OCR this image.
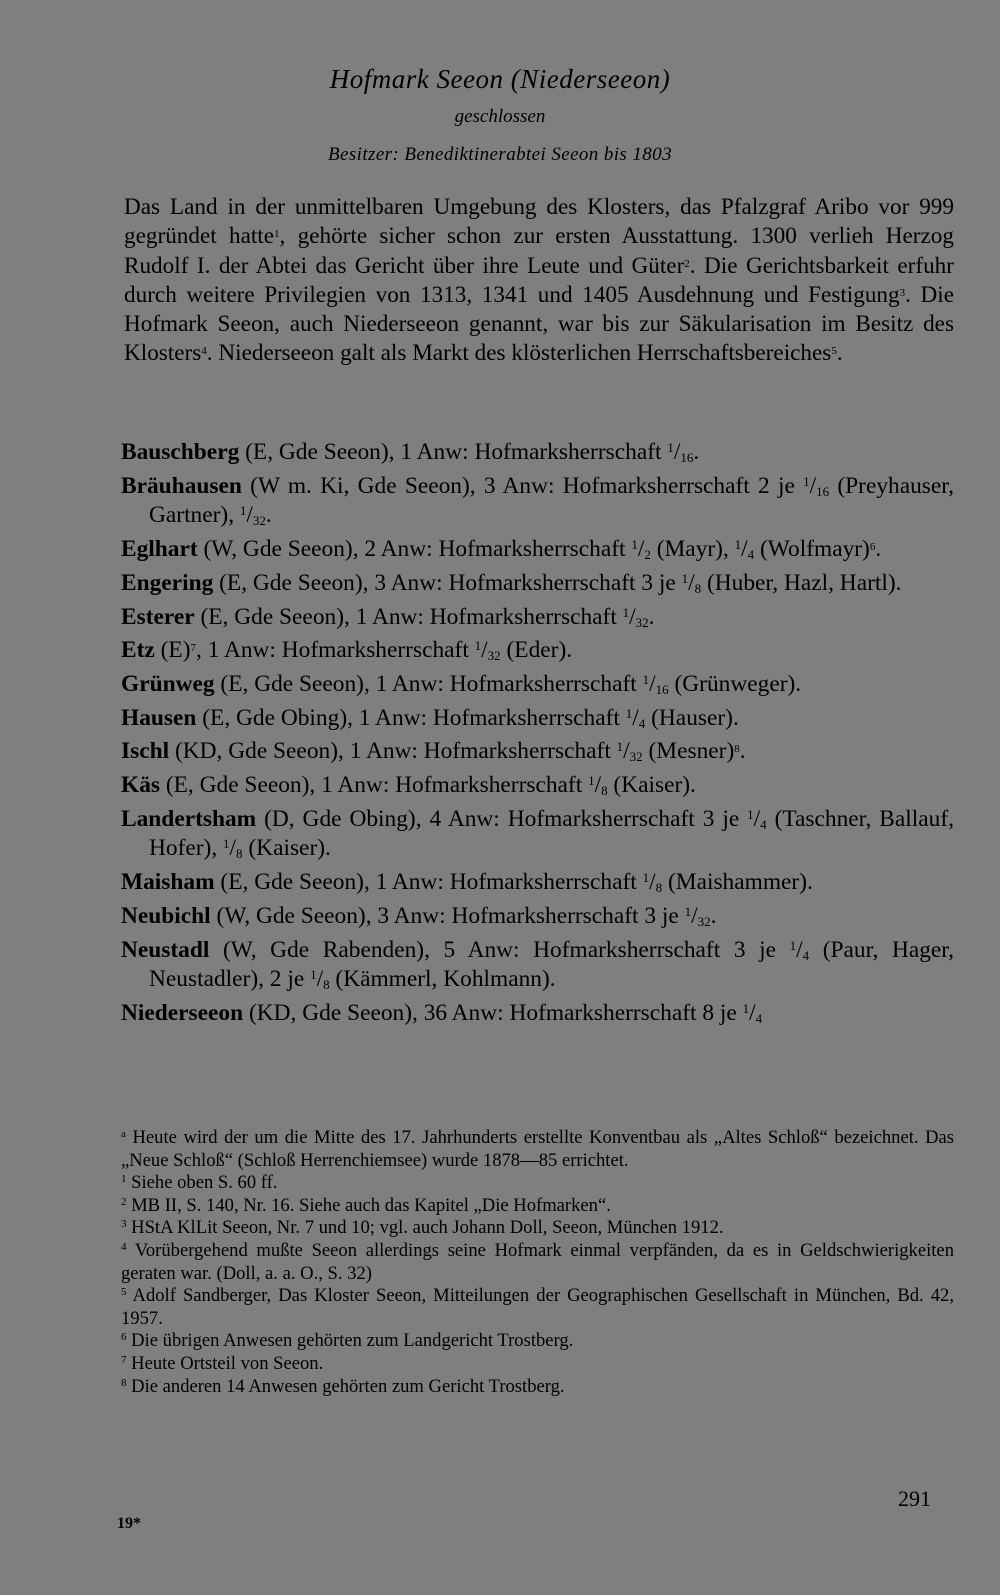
Hofmark Seeon (Niederseeon)
geschlossen
Besitzer: Benediktinerabtei Seeon bis 1803
Das Land in der unmittelbaren Umgebung des Klosters, das Pfalzgraf Aribo vor 999 gegründet hatte$^1$, gehörte sicher schon zur ersten Ausstattung. 1300 verlieh Herzog Rudolf I. der Abtei das Gericht über ihre Leute und Güter$^2$. Die Gerichtsbarkeit erfuhr durch weitere Privilegien von 1313, 1341 und 1405 Ausdehnung und Festigung$^3$. Die Hofmark Seeon, auch Niederseeon genannt, war bis zur Säkularisation im Besitz des Klosters$^4$. Niederseeon galt als Markt des klösterlichen Herrschaftsbereiches$^5$.
Bauschberg (E, Gde Seeon), 1 Anw: Hofmarksherrschaft $^1/_{16}$.
Bräuhausen (W m. Ki, Gde Seeon), 3 Anw: Hofmarksherrschaft 2 je $^1/_{16}$ (Preyhauser, Gartner), $^1/_{32}$.
Eglhart (W, Gde Seeon), 2 Anw: Hofmarksherrschaft $^1/_2$ (Mayr), $^1/_4$ (Wolfmayr)$^6$.
Engering (E, Gde Seeon), 3 Anw: Hofmarksherrschaft 3 je $^1/_8$ (Huber, Hazl, Hartl).
Esterer (E, Gde Seeon), 1 Anw: Hofmarksherrschaft $^1/_{32}$.
Etz $(E)^7$, 1 Anw: Hofmarksherrschaft $^1/_{32}$ (Eder).
Grünweg (E, Gde Seeon), 1 Anw: Hofmarksherrschaft $^1/_{16}$ (Grünweger).
Hausen (E, Gde Obing), 1 Anw: Hofmarksherrschaft $^1/_4$ (Hauser).
Ischl (KD, Gde Seeon), 1 Anw: Hofmarksherrschaft $^1/_{32}$ (Mesner)$^8$.
Käs (E, Gde Seeon), 1 Anw: Hofmarksherrschaft $^1/_8$ (Kaiser).
Landertsham (D, Gde Obing), 4 Anw: Hofmarksherrschaft 3 je $^1/_4$ (Taschner, Ballauf, Hofer), $^1/_8$ (Kaiser).
Maisham (E, Gde Seeon), 1 Anw: Hofmarksherrschaft $^1/_8$ (Maishammer).
Neubichl (W, Gde Seeon), 3 Anw: Hofmarksherrschaft 3 je $^1/_{32}$.
Neustadl (W, Gde Rabenden), 5 Anw: Hofmarksherrschaft 3 je $^1/_4$ (Paur, Hager, Neustadler), 2 je $^1/_8$ (Kämmerl, Kohlmann).
Niederseeon (KD, Gde Seeon), 36 Anw: Hofmarksherrschaft 8 je $^1/_4$
$^a$ Heute wird der um die Mitte des 17. Jahrhunderts erstellte Konventbau als „Altes Schloß“ bezeichnet. Das „Neue Schloß“ (Schloß Herrenchiemsee) wurde 1878—85 errichtet.
$^1$ Siehe oben S. 60 ff.
$^2$ MB II, S. 140, Nr. 16. Siehe auch das Kapitel „Die Hofmarken“.
$^3$ HStA KlLit Seeon, Nr. 7 und 10; vgl. auch Johann Doll, Seeon, München 1912.
$^4$ Vorübergehend mußte Seeon allerdings seine Hofmark einmal verpfänden, da es in Geldschwierigkeiten geraten war. (Doll, a. a. O., S. 32)
$^5$ Adolf Sandberger, Das Kloster Seeon, Mitteilungen der Geographischen Gesellschaft in München, Bd. 42, 1957.
$^6$ Die übrigen Anwesen gehörten zum Landgericht Trostberg.
$^7$ Heute Ortsteil von Seeon.
$^8$ Die anderen 14 Anwesen gehörten zum Gericht Trostberg.
291
19*
